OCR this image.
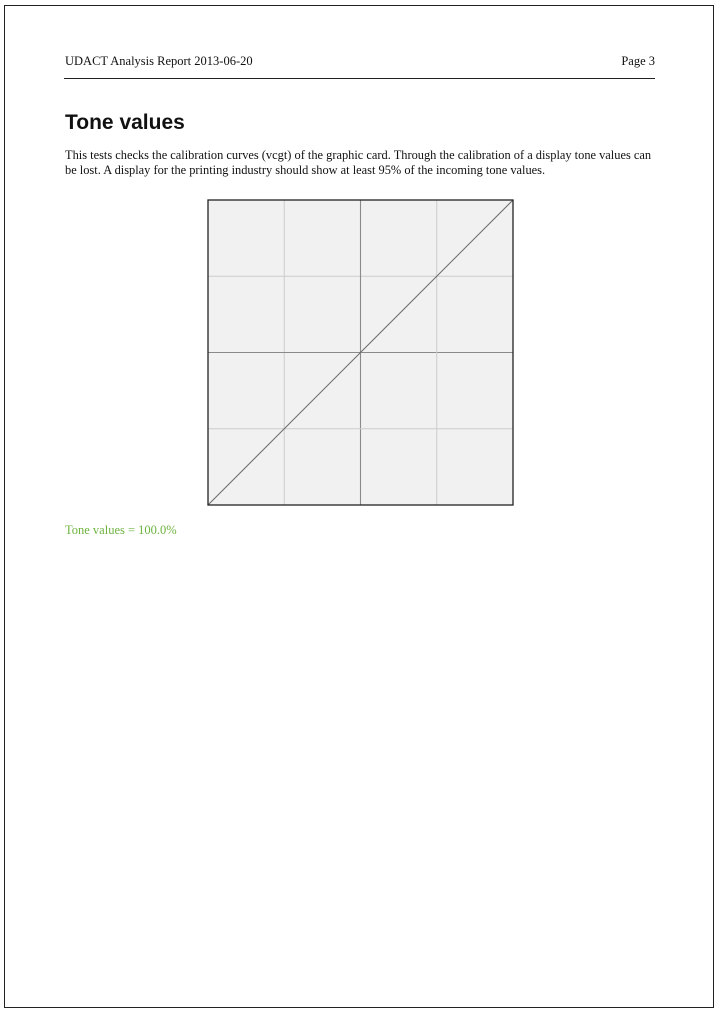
UDACT Analysis Report 2013-06-20	Page 3
Tone values

This tests checks the calibration curves (vcgt) of the graphic card. Through the calibration of a display tone values can be lost. A display for the printing industry should show at least 95% of the incoming tone values.

Tone values = 100.0%
